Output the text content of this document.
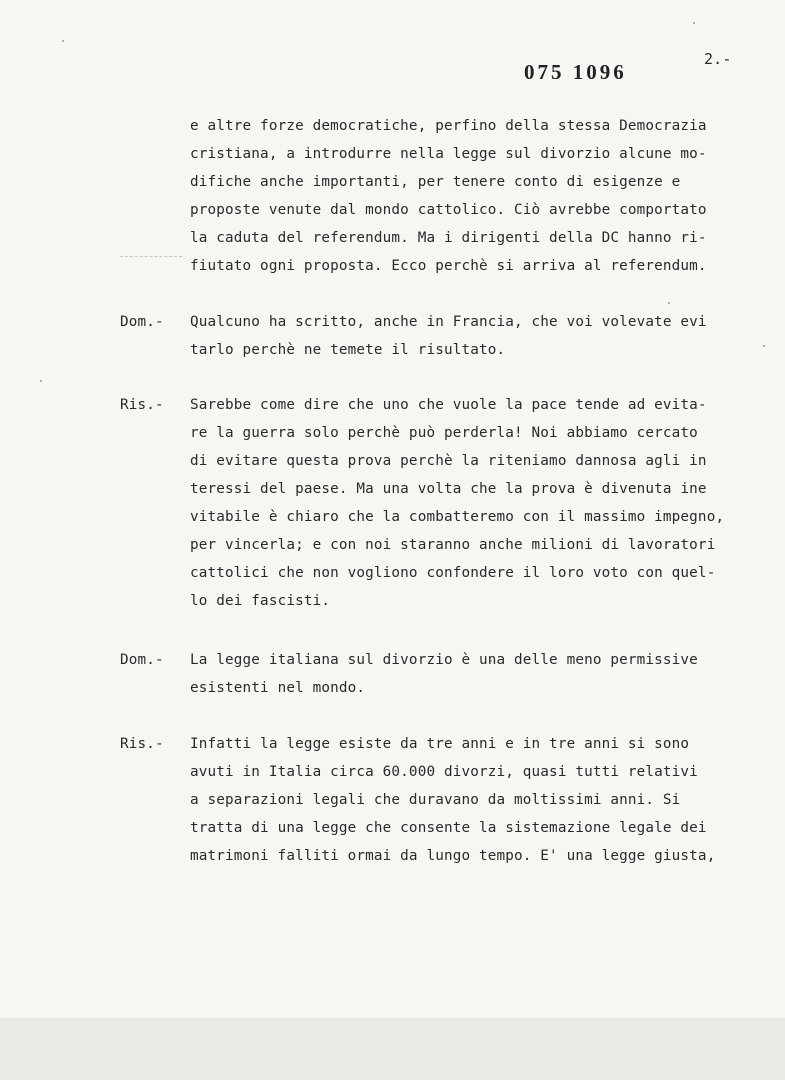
075 1096
2.-
e altre forze democratiche, perfino della stessa Democrazia
cristiana, a introdurre nella legge sul divorzio alcune mo-
difiche anche importanti, per tenere conto di esigenze e
proposte venute dal mondo cattolico. Ciò avrebbe comportato
la caduta del referendum. Ma i dirigenti della DC hanno ri-
fiutato ogni proposta. Ecco perchè si arriva al referendum.
Dom.- Qualcuno ha scritto, anche in Francia, che voi volevate evi
tarlo perchè ne temete il risultato.
Ris.- Sarebbe come dire che uno che vuole la pace tende ad evita-
re la guerra solo perchè può perderla! Noi abbiamo cercato
di evitare questa prova perchè la riteniamo dannosa agli in
teressi del paese. Ma una volta che la prova è divenuta ine
vitabile è chiaro che la combatteremo con il massimo impegno,
per vincerla; e con noi staranno anche milioni di lavoratori
cattolici che non vogliono confondere il loro voto con quel-
lo dei fascisti.
Dom.- La legge italiana sul divorzio è una delle meno permissive
esistenti nel mondo.
Ris.- Infatti la legge esiste da tre anni e in tre anni si sono
avuti in Italia circa 60.000 divorzi, quasi tutti relativi
a separazioni legali che duravano da moltissimi anni. Si
tratta di una legge che consente la sistemazione legale dei
matrimoni falliti ormai da lungo tempo. E' una legge giusta,
